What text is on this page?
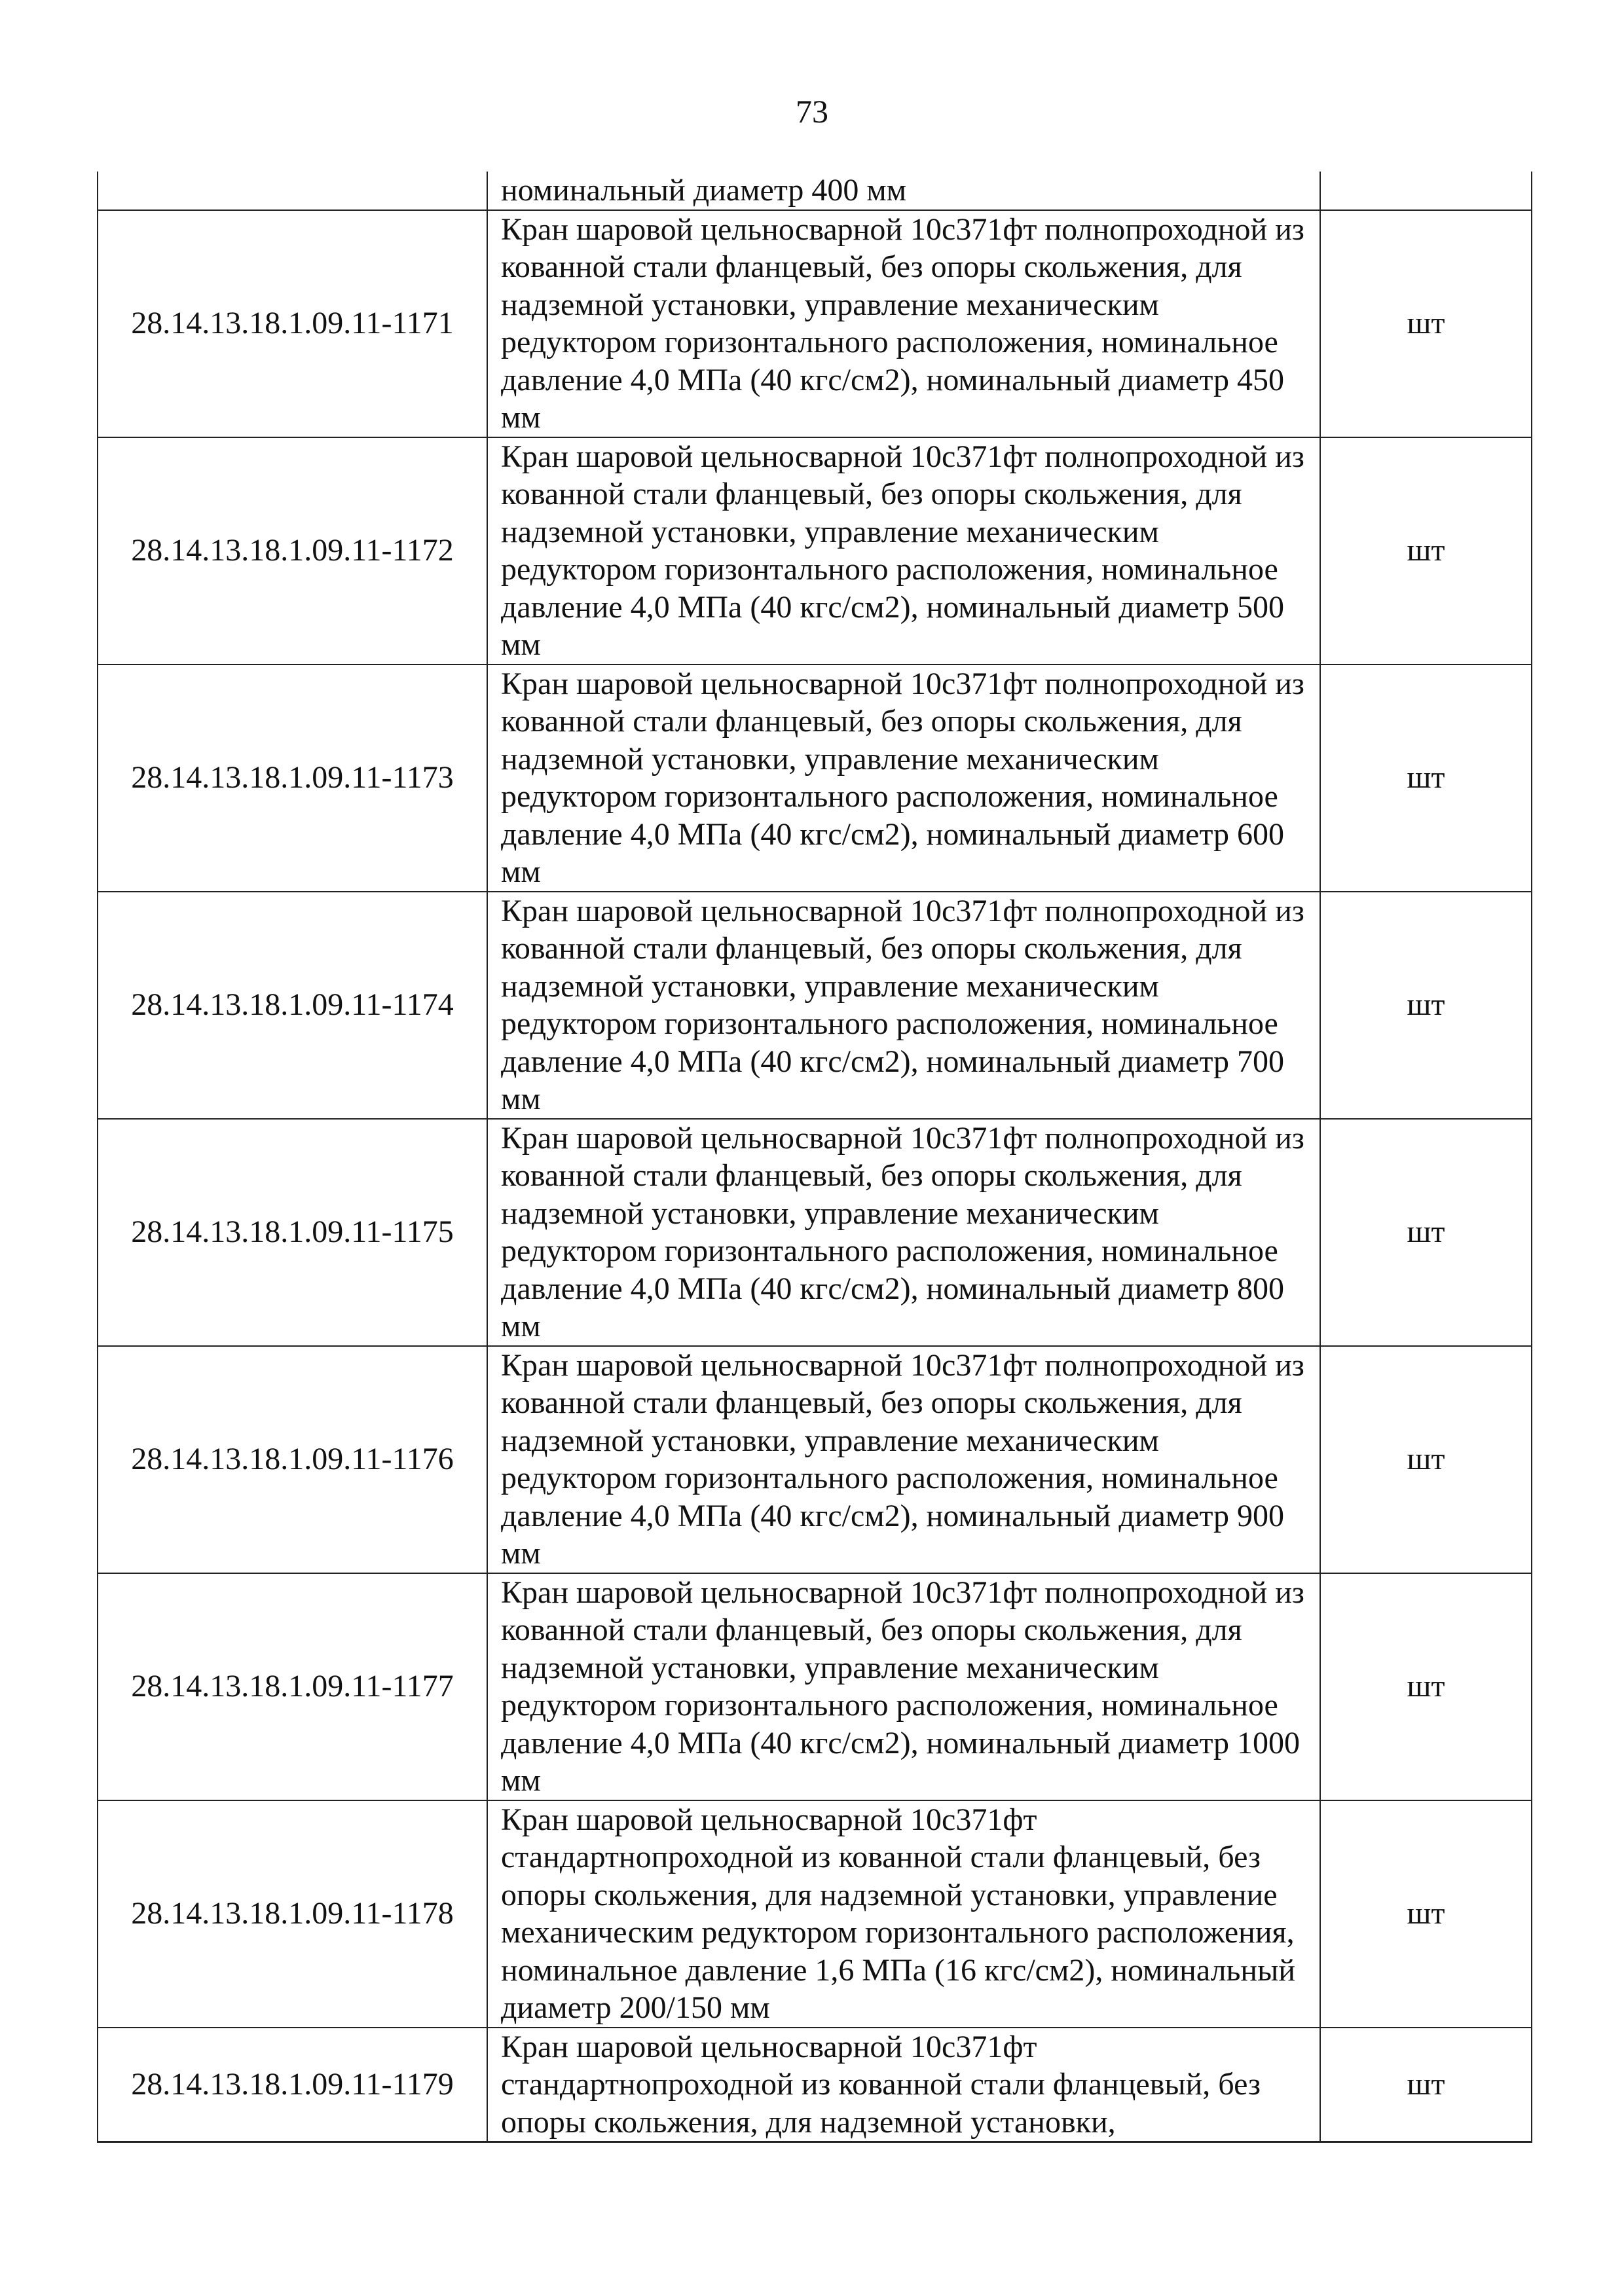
73
	номинальный диаметр 400 мм	
28.14.13.18.1.09.11-1171	Кран шаровой цельносварной 10с371фт полнопроходной из кованной стали фланцевый, без опоры скольжения, для надземной установки, управление механическим редуктором горизонтального расположения, номинальное давление 4,0 МПа (40 кгс/см2), номинальный диаметр 450 мм	шт
28.14.13.18.1.09.11-1172	Кран шаровой цельносварной 10с371фт полнопроходной из кованной стали фланцевый, без опоры скольжения, для надземной установки, управление механическим редуктором горизонтального расположения, номинальное давление 4,0 МПа (40 кгс/см2), номинальный диаметр 500 мм	шт
28.14.13.18.1.09.11-1173	Кран шаровой цельносварной 10с371фт полнопроходной из кованной стали фланцевый, без опоры скольжения, для надземной установки, управление механическим редуктором горизонтального расположения, номинальное давление 4,0 МПа (40 кгс/см2), номинальный диаметр 600 мм	шт
28.14.13.18.1.09.11-1174	Кран шаровой цельносварной 10с371фт полнопроходной из кованной стали фланцевый, без опоры скольжения, для надземной установки, управление механическим редуктором горизонтального расположения, номинальное давление 4,0 МПа (40 кгс/см2), номинальный диаметр 700 мм	шт
28.14.13.18.1.09.11-1175	Кран шаровой цельносварной 10с371фт полнопроходной из кованной стали фланцевый, без опоры скольжения, для надземной установки, управление механическим редуктором горизонтального расположения, номинальное давление 4,0 МПа (40 кгс/см2), номинальный диаметр 800 мм	шт
28.14.13.18.1.09.11-1176	Кран шаровой цельносварной 10с371фт полнопроходной из кованной стали фланцевый, без опоры скольжения, для надземной установки, управление механическим редуктором горизонтального расположения, номинальное давление 4,0 МПа (40 кгс/см2), номинальный диаметр 900 мм	шт
28.14.13.18.1.09.11-1177	Кран шаровой цельносварной 10с371фт полнопроходной из кованной стали фланцевый, без опоры скольжения, для надземной установки, управление механическим редуктором горизонтального расположения, номинальное давление 4,0 МПа (40 кгс/см2), номинальный диаметр 1000 мм	шт
28.14.13.18.1.09.11-1178	Кран шаровой цельносварной 10с371фт стандартнопроходной из кованной стали фланцевый, без опоры скольжения, для надземной установки, управление механическим редуктором горизонтального расположения, номинальное давление 1,6 МПа (16 кгс/см2), номинальный диаметр 200/150 мм	шт
28.14.13.18.1.09.11-1179	Кран шаровой цельносварной 10с371фт стандартнопроходной из кованной стали фланцевый, без опоры скольжения, для надземной установки,	шт
